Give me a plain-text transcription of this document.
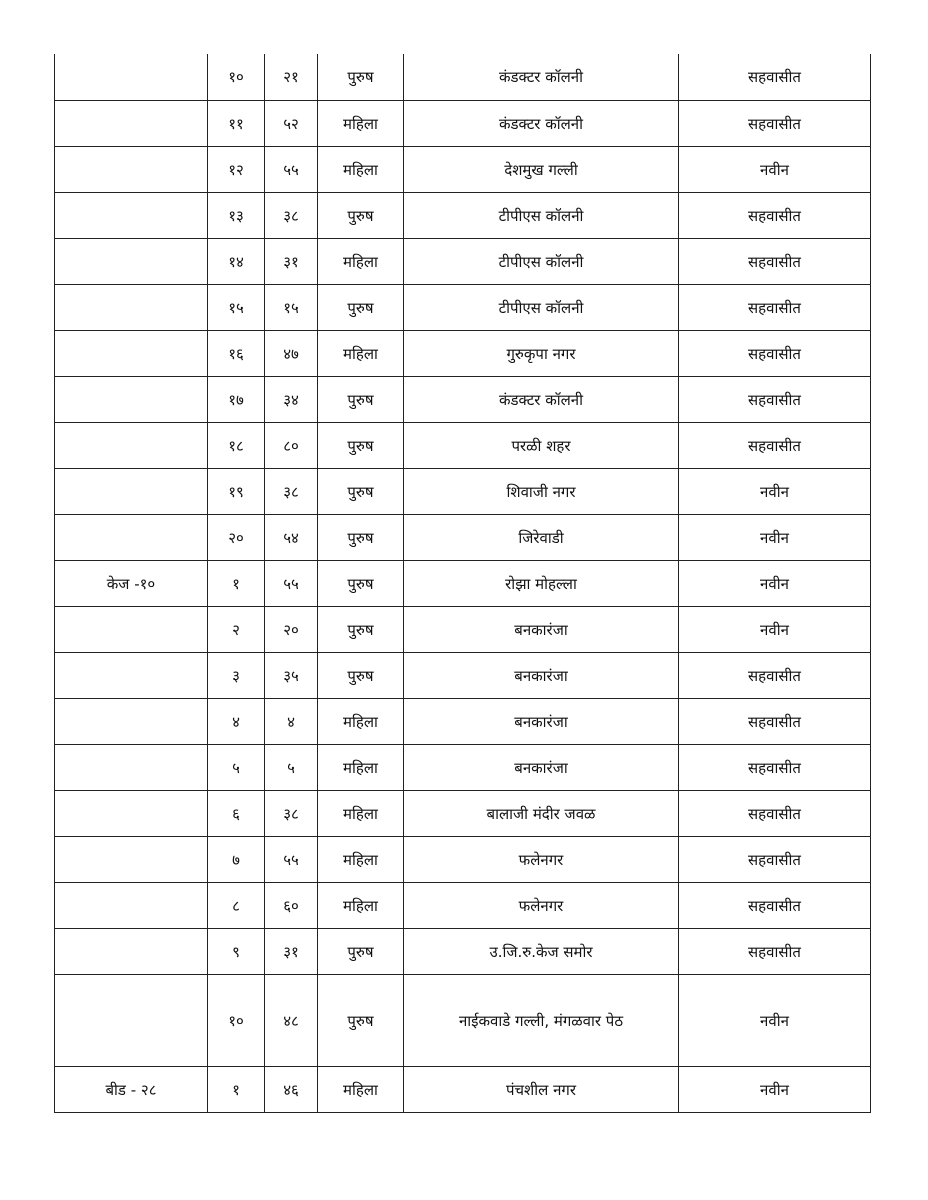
	१०	२१	पुरुष	कंडक्टर कॉलनी	सहवासीत
	११	५२	महिला	कंडक्टर कॉलनी	सहवासीत
	१२	५५	महिला	देशमुख गल्ली	नवीन
	१३	३८	पुरुष	टीपीएस कॉलनी	सहवासीत
	१४	३१	महिला	टीपीएस कॉलनी	सहवासीत
	१५	१५	पुरुष	टीपीएस कॉलनी	सहवासीत
	१६	४७	महिला	गुरुकृपा नगर	सहवासीत
	१७	३४	पुरुष	कंडक्टर कॉलनी	सहवासीत
	१८	८०	पुरुष	परळी शहर	सहवासीत
	१९	३८	पुरुष	शिवाजी नगर	नवीन
	२०	५४	पुरुष	जिरेवाडी	नवीन
केज -१०	१	५५	पुरुष	रोझा मोहल्ला	नवीन
	२	२०	पुरुष	बनकारंजा	नवीन
	३	३५	पुरुष	बनकारंजा	सहवासीत
	४	४	महिला	बनकारंजा	सहवासीत
	५	५	महिला	बनकारंजा	सहवासीत
	६	३८	महिला	बालाजी मंदीर जवळ	सहवासीत
	७	५५	महिला	फलेनगर	सहवासीत
	८	६०	महिला	फलेनगर	सहवासीत
	९	३१	पुरुष	उ.जि.रु.केज समोर	सहवासीत
	१०	४८	पुरुष	नाईकवाडे गल्ली, मंगळवार पेठ	नवीन
बीड - २८	१	४६	महिला	पंचशील नगर	नवीन
